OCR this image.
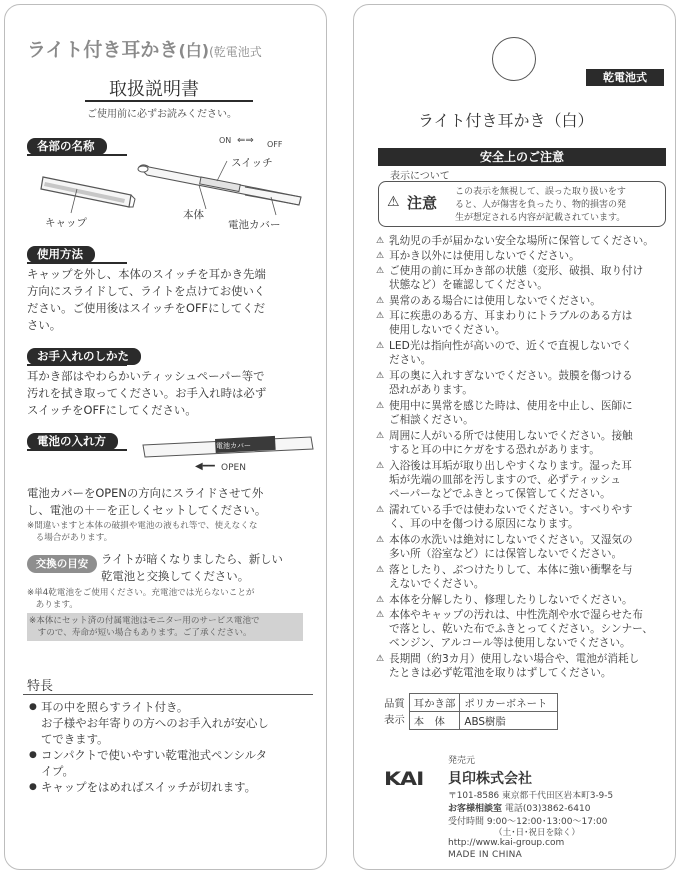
ライト付き耳かき(白)(乾電池式
取扱説明書
ご使用前に必ずお読みください。
各部の名称	ON ⇐⇒ OFF
スイッチ
キャップ
本体
電池カバー
使用方法
キャップを外し、本体のスイッチを耳かき先端
方向にスライドして、ライトを点けてお使いく
ださい。ご使用後はスイッチをOFFにしてくだ
さい。
お手入れのしかた
耳かき部はやわらかいティッシュペーパー等で
汚れを拭き取ってください。お手入れ時は必ず
スイッチをOFFにしてください。
電池の入れ方	電池カバー
◀━━ OPEN
電池カバーをOPENの方向にスライドさせて外
し、電池の＋－を正しくセットしてください。
※間違いますと本体の破損や電池の液もれ等で、使えなくな
　る場合があります。
交換の目安	ライトが暗くなりましたら、新しい
乾電池と交換してください。
※単4乾電池をご使用ください。充電池では光らないことが
　あります。
※本体にセット済の付属電池はモニター用のサービス電池で
　すので、寿命が短い場合もあります。ご了承ください。
特長
● 耳の中を照らすライト付き。
お子様やお年寄りの方へのお手入れが安心し
てできます。
● コンパクトで使いやすい乾電池式ペンシルタ
イプ。
● キャップをはめればスイッチが切れます。
乾電池式
ライト付き耳かき（白）
安全上のご注意
表示について
⚠ 注意
この表示を無視して、誤った取り扱いをす
ると、人が傷害を負ったり、物的損害の発
生が想定される内容が記載されています。
⚠ 乳幼児の手が届かない安全な場所に保管してください。
⚠ 耳かき以外には使用しないでください。
⚠ ご使用の前に耳かき部の状態（変形、破損、取り付け
状態など）を確認してください。
⚠ 異常のある場合には使用しないでください。
⚠ 耳に疾患のある方、耳まわりにトラブルのある方は
使用しないでください。
⚠ LED光は指向性が高いので、近くで直視しないでく
ださい。
⚠ 耳の奥に入れすぎないでください。鼓膜を傷つける
恐れがあります。
⚠ 使用中に異常を感じた時は、使用を中止し、医師に
ご相談ください。
⚠ 周囲に人がいる所では使用しないでください。接触
すると耳の中にケガをする恐れがあります。
⚠ 入浴後は耳垢が取り出しやすくなります。湿った耳
垢が先端の皿部を汚しますので、必ずティッシュ
ペーパーなどでふきとって保管してください。
⚠ 濡れている手では使わないでください。すべりやす
く、耳の中を傷つける原因になります。
⚠ 本体の水洗いは絶対にしないでください。又湿気の
多い所（浴室など）には保管しないでください。
⚠ 落としたり、ぶつけたりして、本体に強い衝撃を与
えないでください。
⚠ 本体を分解したり、修理したりしないでください。
⚠ 本体やキャップの汚れは、中性洗剤や水で湿らせた布
で落とし、乾いた布でふきとってください。シンナー、
ベンジン、アルコール等は使用しないでください。
⚠ 長期間（約3カ月）使用しない場合や、電池が消耗し
たときは必ず乾電池を取りはずしてください。
品質
表示	耳かき部	ポリカーボネート
	本　体	ABS樹脂
発売元
KAI 貝印株式会社
〒101-8586 東京都千代田区岩本町3-9-5
お客様相談室 電話(03)3862-6410
受付時間 9:00～12:00･13:00～17:00
（土･日･祝日を除く）
http://www.kai-group.com
MADE IN CHINA
